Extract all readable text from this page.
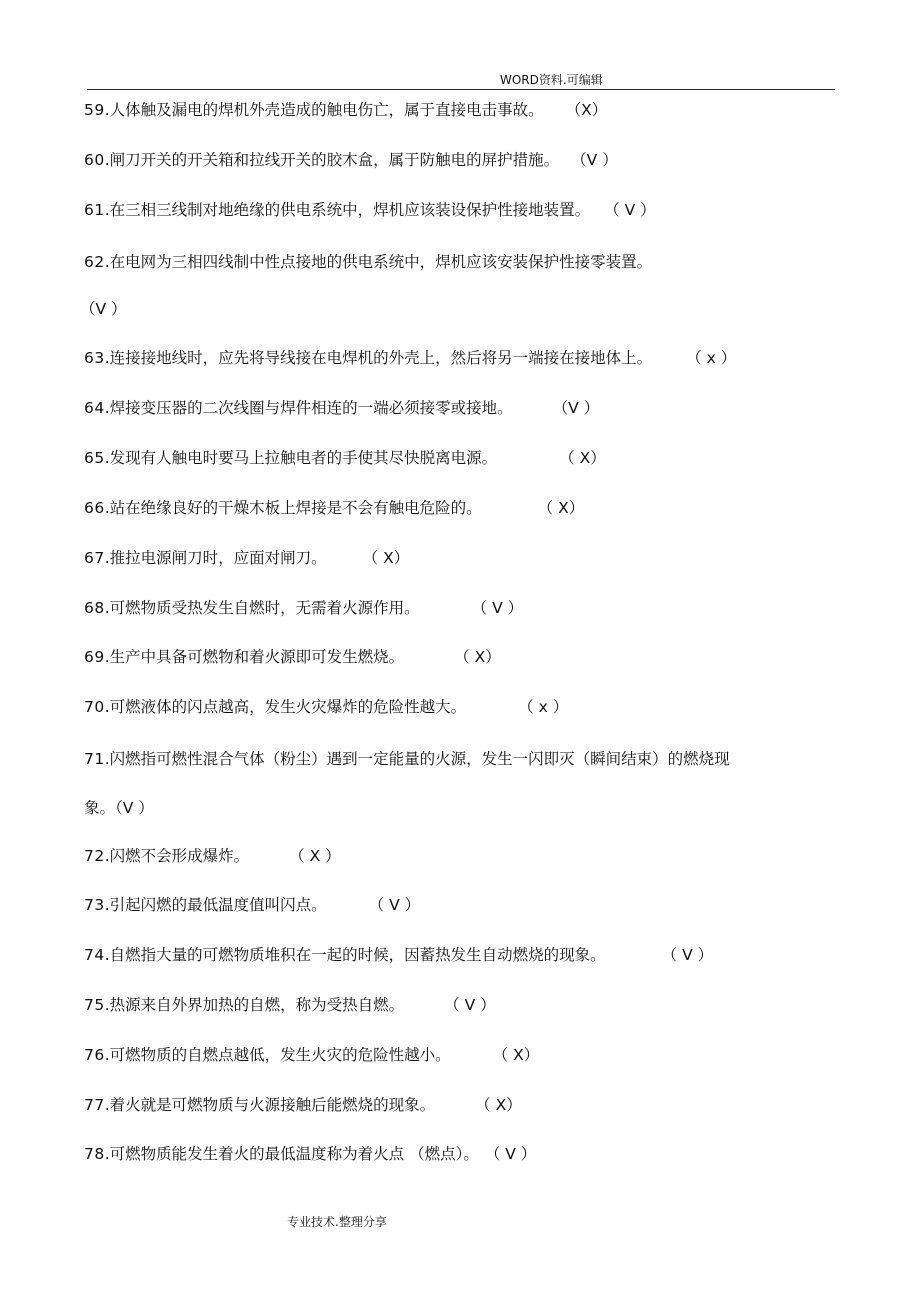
WORD资料.可编辑
59.人体触及漏电的焊机外壳造成的触电伤亡，属于直接电击事故。 （X）
60.闸刀开关的开关箱和拉线开关的胶木盒，属于防触电的屏护措施。 （V ）
61.在三相三线制对地绝缘的供电系统中，焊机应该装设保护性接地装置。 （ V ）
62.在电网为三相四线制中性点接地的供电系统中，焊机应该安装保护性接零装置。
（V ）
63.连接接地线时，应先将导线接在电焊机的外壳上，然后将另一端接在接地体上。 （ x ）
64.焊接变压器的二次线圈与焊件相连的一端必须接零或接地。	（V ）
65.发现有人触电时要马上拉触电者的手使其尽快脱离电源。	（ X）
66.站在绝缘良好的干燥木板上焊接是不会有触电危险的。	（ X）
67.推拉电源闸刀时，应面对闸刀。 （ X）
68.可燃物质受热发生自燃时，无需着火源作用。	（ V ）
69.生产中具备可燃物和着火源即可发生燃烧。	（ X）
70.可燃液体的闪点越高，发生火灾爆炸的危险性越大。	（ x ）
71.闪燃指可燃性混合气体（粉尘）遇到一定能量的火源，发生一闪即灭（瞬间结束）的燃烧现
象。（V ）
72.闪燃不会形成爆炸。	（ X ）
73.引起闪燃的最低温度值叫闪点。	（ V ）
74.自燃指大量的可燃物质堆积在一起的时候，因蓄热发生自动燃烧的现象。	（ V ）
75.热源来自外界加热的自燃，称为受热自燃。	（ V ）
76.可燃物质的自燃点越低，发生火灾的危险性越小。	（ X）
77.着火就是可燃物质与火源接触后能燃烧的现象。	（ X）
78.可燃物质能发生着火的最低温度称为着火点 （燃点）。 （ V ）
专业技术.整理分享
